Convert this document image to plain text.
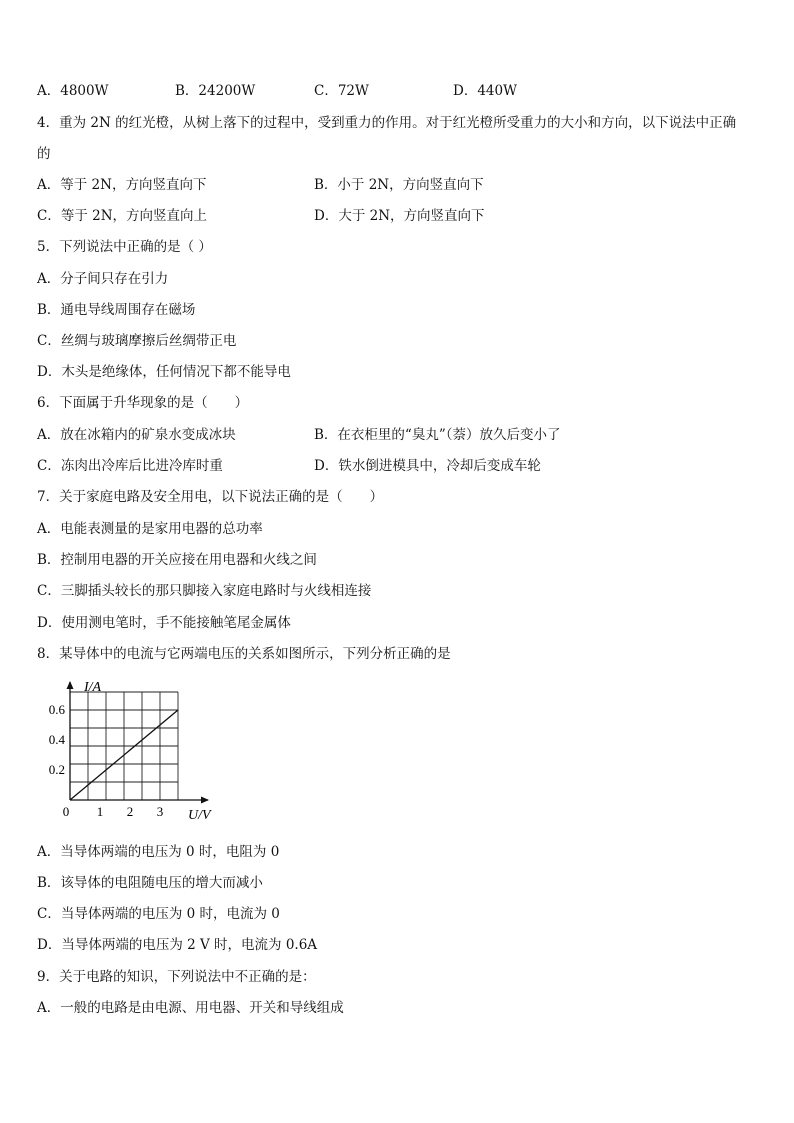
A．4800W	B．24200W	C．72W	D．440W
4．重为 2N 的红光橙，从树上落下的过程中，受到重力的作用。对于红光橙所受重力的大小和方向，以下说法中正确
的
A．等于 2N，方向竖直向下	B．小于 2N，方向竖直向下
C．等于 2N，方向竖直向上	D．大于 2N，方向竖直向下
5．下列说法中正确的是（ ）
A．分子间只存在引力
B．通电导线周围存在磁场
C．丝绸与玻璃摩擦后丝绸带正电
D．木头是绝缘体，任何情况下都不能导电
6．下面属于升华现象的是（　　）
A．放在冰箱内的矿泉水变成冰块	B．在衣柜里的“臭丸”（萘）放久后变小了
C．冻肉出冷库后比进冷库时重	D．铁水倒进模具中，冷却后变成车轮
7．关于家庭电路及安全用电，以下说法正确的是（　　）
A．电能表测量的是家用电器的总功率
B．控制用电器的开关应接在用电器和火线之间
C．三脚插头较长的那只脚接入家庭电路时与火线相连接
D．使用测电笔时，手不能接触笔尾金属体
8．某导体中的电流与它两端电压的关系如图所示，下列分析正确的是
0 1 2 3
0.2
0.4
0.6
I/A
U/V
A．当导体两端的电压为 0 时，电阻为 0
B．该导体的电阻随电压的增大而减小
C．当导体两端的电压为 0 时，电流为 0
D．当导体两端的电压为 2 V 时，电流为 0.6A
9．关于电路的知识，下列说法中不正确的是：
A．一般的电路是由电源、用电器、开关和导线组成
